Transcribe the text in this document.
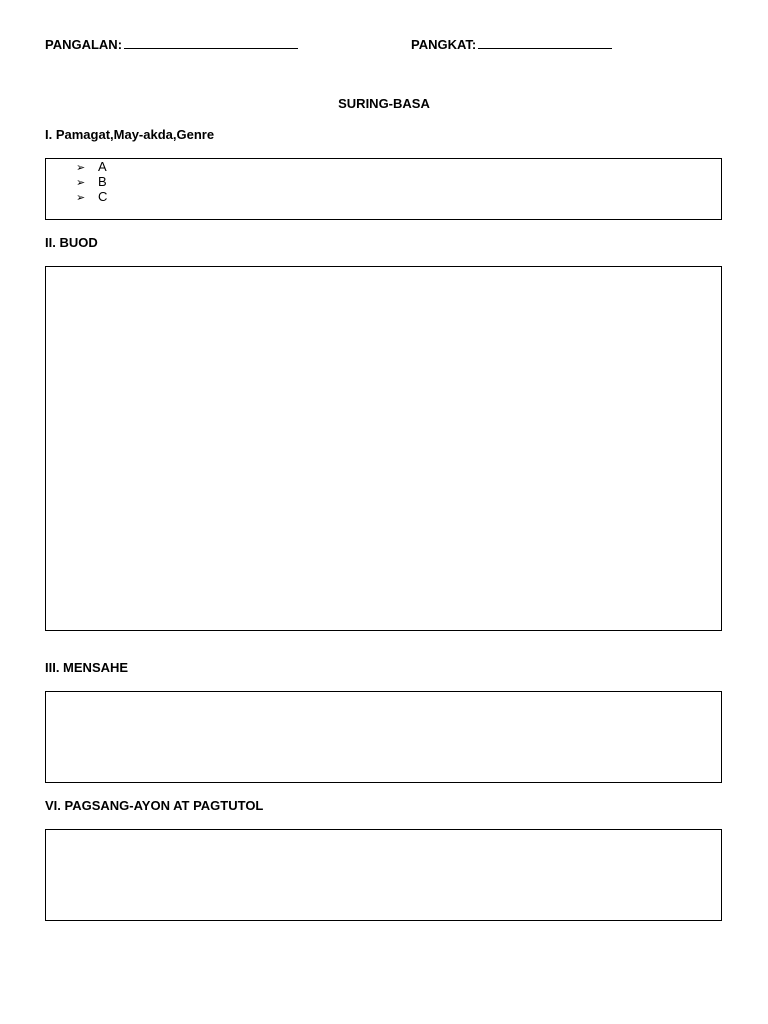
PANGALAN:	PANGKAT:
SURING-BASA
I. Pamagat,May-akda,Genre
➢ A
➢ B
➢ C
II. BUOD
III. MENSAHE
VI. PAGSANG-AYON AT PAGTUTOL
